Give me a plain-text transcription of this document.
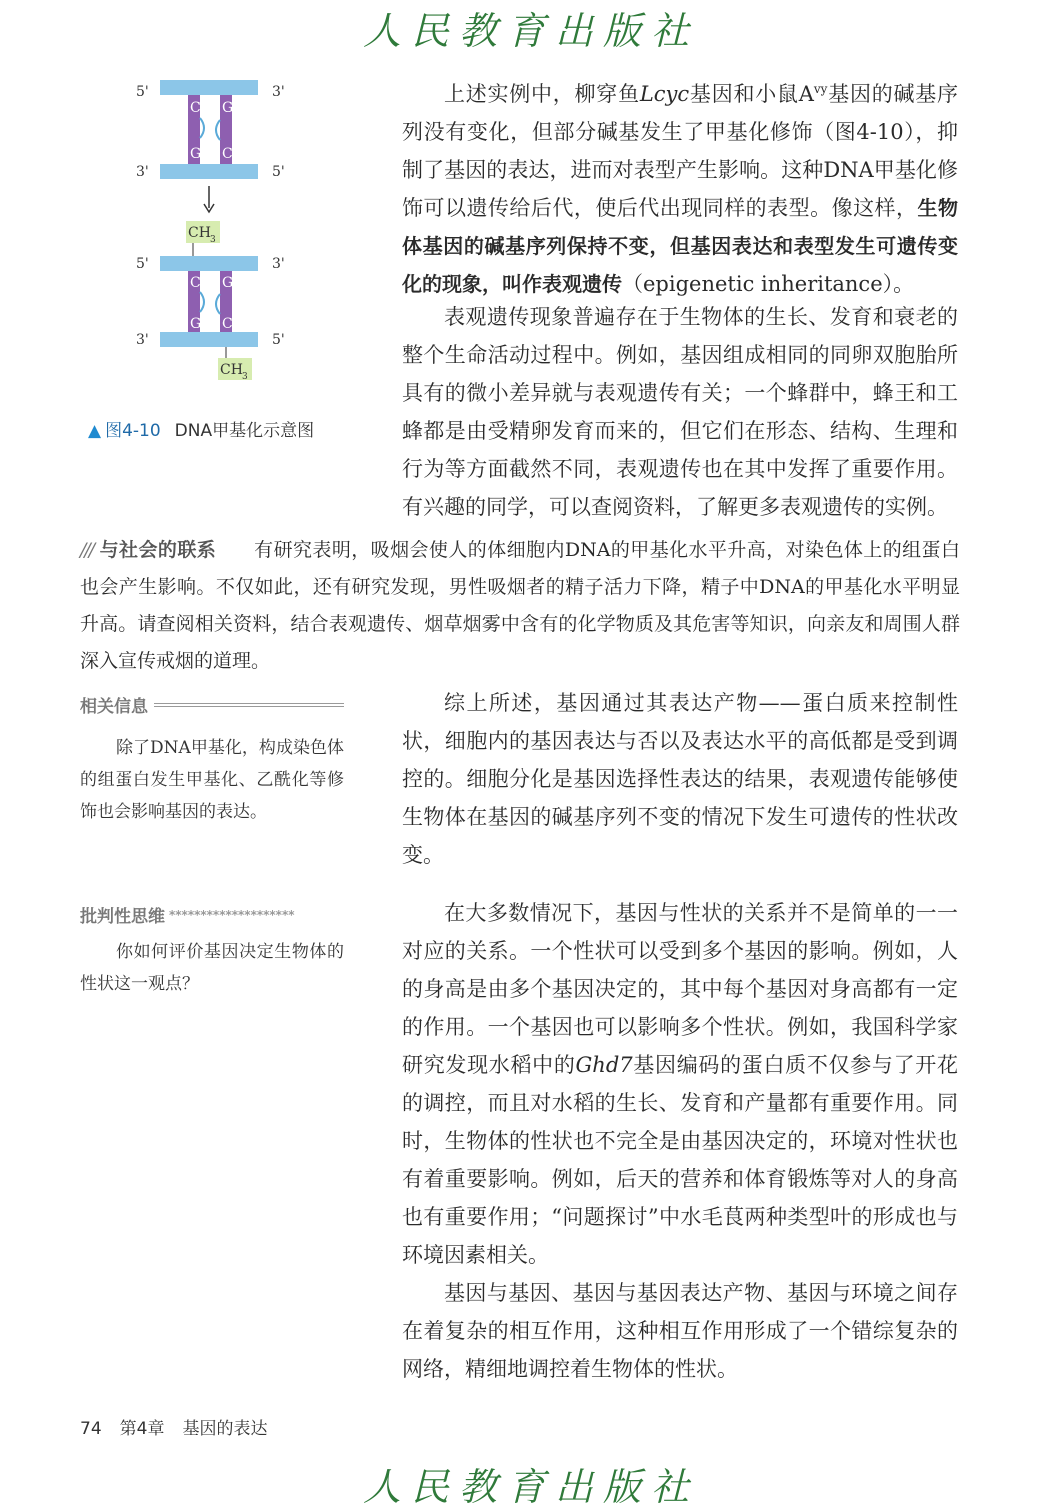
人民教育出版社
C G
G C
5'	3'
3'	5'
CH 3
C G
G C
5'	3'
3'	5'
CH 3
▲ 图4-10 DNA甲基化示意图

上述实例中，柳穿鱼Lcyc基因和小鼠$A^{vy}$基因的碱基序列没有变化，但部分碱基发生了甲基化修饰（图4-10），抑制了基因的表达，进而对表型产生影响。这种DNA甲基化修饰可以遗传给后代，使后代出现同样的表型。像这样，生物体基因的碱基序列保持不变，但基因表达和表型发生可遗传变化的现象，叫作表观遗传（epigenetic inheritance）。

表观遗传现象普遍存在于生物体的生长、发育和衰老的整个生命活动过程中。例如，基因组成相同的同卵双胞胎所具有的微小差异就与表观遗传有关；一个蜂群中，蜂王和工蜂都是由受精卵发育而来的，但它们在形态、结构、生理和行为等方面截然不同，表观遗传也在其中发挥了重要作用。有兴趣的同学，可以查阅资料，了解更多表观遗传的实例。

/// 与社会的联系 有研究表明，吸烟会使人的体细胞内DNA的甲基化水平升高，对染色体上的组蛋白也会产生影响。不仅如此，还有研究发现，男性吸烟者的精子活力下降，精子中DNA的甲基化水平明显升高。请查阅相关资料，结合表观遗传、烟草烟雾中含有的化学物质及其危害等知识，向亲友和周围人群深入宣传戒烟的道理。

相关信息

除了DNA甲基化，构成染色体的组蛋白发生甲基化、乙酰化等修饰也会影响基因的表达。

综上所述，基因通过其表达产物——蛋白质来控制性状，细胞内的基因表达与否以及表达水平的高低都是受到调控的。细胞分化是基因选择性表达的结果，表观遗传能够使生物体在基因的碱基序列不变的情况下发生可遗传的性状改变。

批判性思维 ********************

你如何评价基因决定生物体的性状这一观点？

在大多数情况下，基因与性状的关系并不是简单的一一对应的关系。一个性状可以受到多个基因的影响。例如，人的身高是由多个基因决定的，其中每个基因对身高都有一定的作用。一个基因也可以影响多个性状。例如，我国科学家研究发现水稻中的Ghd7基因编码的蛋白质不仅参与了开花的调控，而且对水稻的生长、发育和产量都有重要作用。同时，生物体的性状也不完全是由基因决定的，环境对性状也有着重要影响。例如，后天的营养和体育锻炼等对人的身高也有重要作用；“问题探讨”中水毛茛两种类型叶的形成也与环境因素相关。

基因与基因、基因与基因表达产物、基因与环境之间存在着复杂的相互作用，这种相互作用形成了一个错综复杂的网络，精细地调控着生物体的性状。

74 第4章 基因的表达
人民教育出版社
